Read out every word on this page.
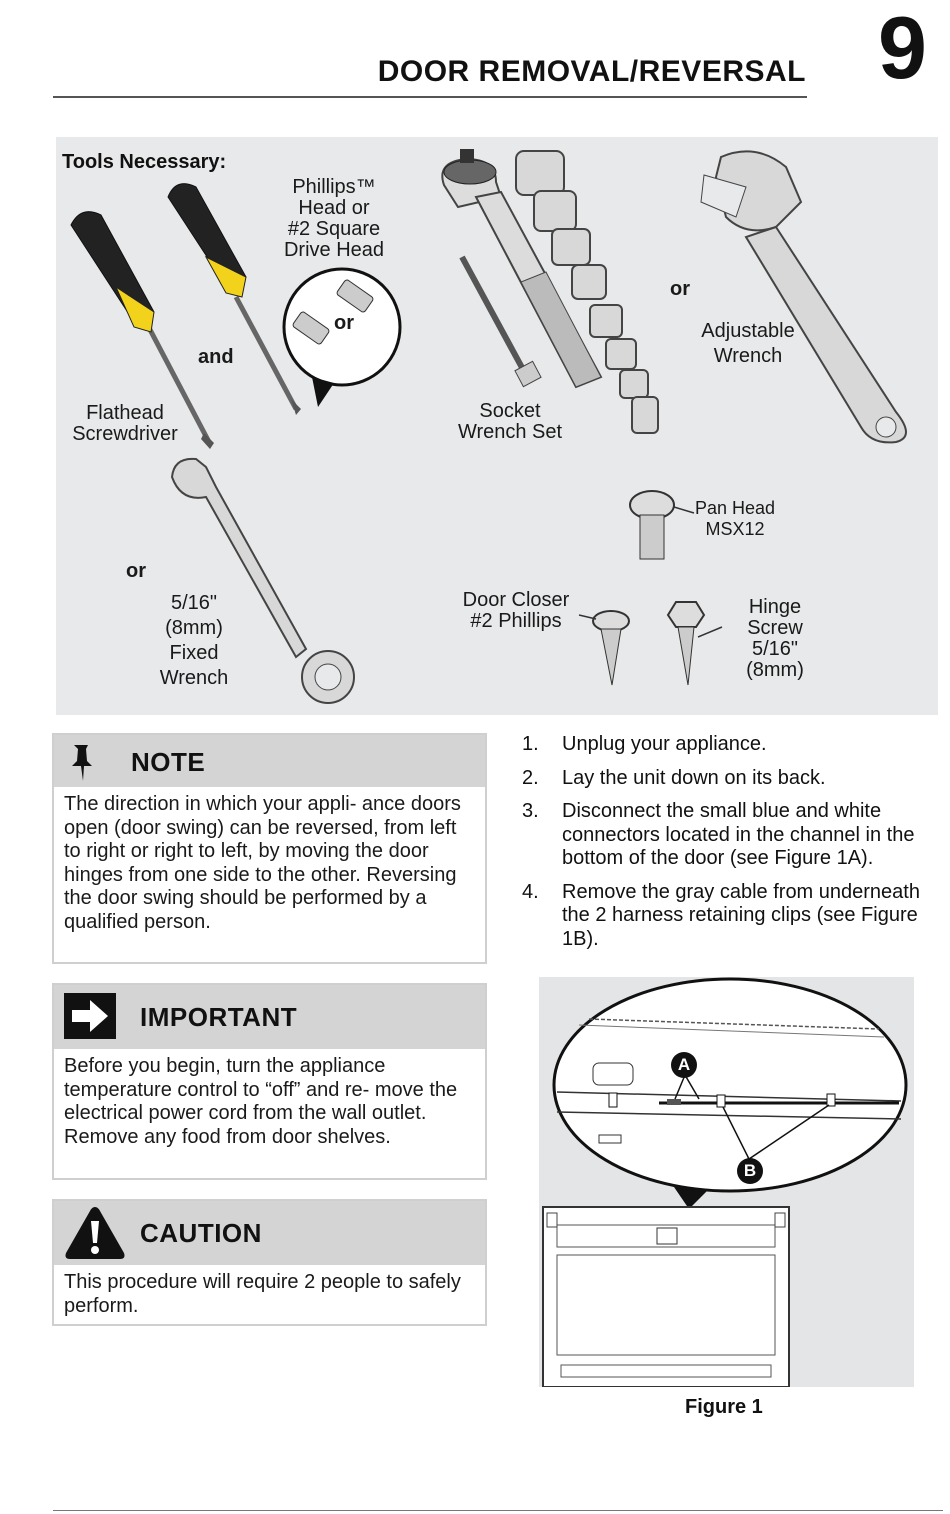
9
DOOR REMOVAL/REVERSAL
Tools Necessary:
Phillips™
Head or
#2 Square
Drive Head
or
and
Flathead
Screwdriver
Socket
Wrench Set
or
Adjustable
Wrench
or
5/16"
(8mm)
Fixed
Wrench
Pan Head
MSX12
Door Closer
#2 Phillips
Hinge
Screw
5/16"
(8mm)
NOTE
The direction in which your appli- ance doors open (door swing) can be reversed, from left to right or right to left, by moving the door hinges from one side to the other. Reversing the door swing should be performed by a qualified person.
IMPORTANT
Before you begin, turn the appliance temperature control to “off” and re- move the electrical power cord from the wall outlet. Remove any food from door shelves.
CAUTION
This procedure will require 2 people to safely perform.
1. Unplug your appliance.
2. Lay the unit down on its back.
3. Disconnect the small blue and white connectors located in the channel in the bottom of the door (see Figure 1A).
4. Remove the gray cable from underneath the 2 harness retaining clips (see Figure 1B).
A
B
Figure 1
